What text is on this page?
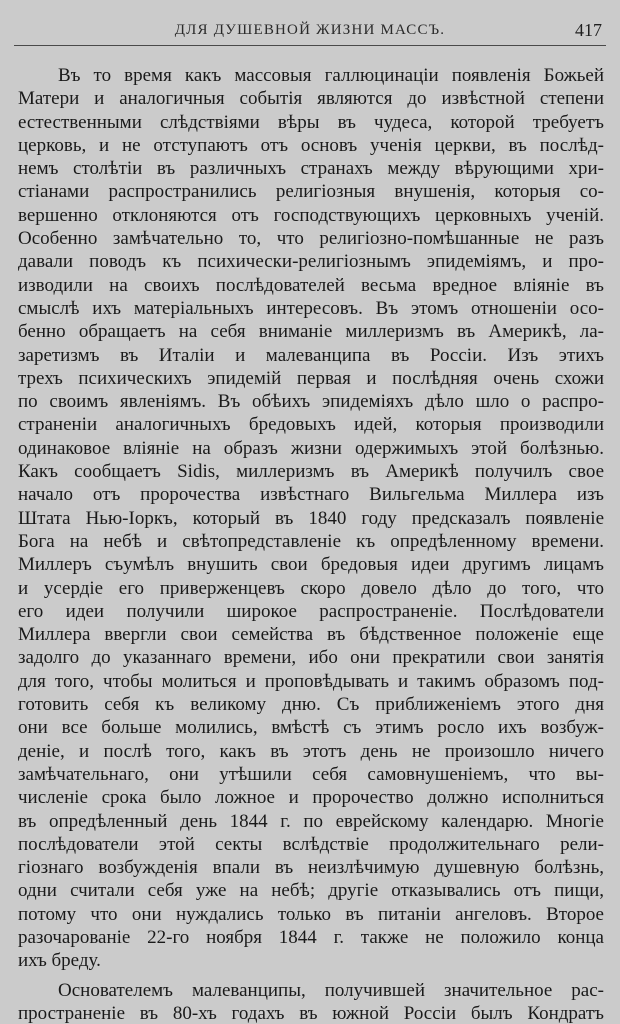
ДЛЯ ДУШЕВНОЙ ЖИЗНИ МАССЪ.	417
Въ то время какъ массовыя галлюцинаціи появленія Божьей
Матери и аналогичныя событія являются до извѣстной степени
естественными слѣдствіями вѣры въ чудеса, которой требуетъ
церковь, и не отступаютъ отъ основъ ученія церкви, въ послѣд-
немъ столѣтіи въ различныхъ странахъ между вѣрующими хри-
стіанами распространились религіозныя внушенія, которыя со-
вершенно отклоняются отъ господствующихъ церковныхъ ученій.
Особенно замѣчательно то, что религіозно-помѣшанные не разъ
давали поводъ къ психически-религіознымъ эпидеміямъ, и про-
изводили на своихъ послѣдователей весьма вредное вліяніе въ
смыслѣ ихъ матеріальныхъ интересовъ. Въ этомъ отношеніи осо-
бенно обращаетъ на себя вниманіе миллеризмъ въ Америкѣ, ла-
заретизмъ въ Италіи и малеванципа въ Россіи. Изъ этихъ
трехъ психическихъ эпидемій первая и послѣдняя очень схожи
по своимъ явленіямъ. Въ обѣихъ эпидеміяхъ дѣло шло о распро-
страненіи аналогичныхъ бредовыхъ идей, которыя производили
одинаковое вліяніе на образъ жизни одержимыхъ этой болѣзнью.
Какъ сообщаетъ Sidis, миллеризмъ въ Америкѣ получилъ свое
начало отъ пророчества извѣстнаго Вильгельма Миллера изъ
Штата Нью-Іоркъ, который въ 1840 году предсказалъ появленіе
Бога на небѣ и свѣтопредставленіе къ опредѣленному времени.
Миллеръ съумѣлъ внушить свои бредовыя идеи другимъ лицамъ
и усердіе его приверженцевъ скоро довело дѣло до того, что
его идеи получили широкое распространеніе. Послѣдователи
Миллера ввергли свои семейства въ бѣдственное положеніе еще
задолго до указаннаго времени, ибо они прекратили свои занятія
для того, чтобы молиться и проповѣдывать и такимъ образомъ под-
готовить себя къ великому дню. Съ приближеніемъ этого дня
они все больше молились, вмѣстѣ съ этимъ росло ихъ возбуж-
деніе, и послѣ того, какъ въ этотъ день не произошло ничего
замѣчательнаго, они утѣшили себя самовнушеніемъ, что вы-
численіе срока было ложное и пророчество должно исполниться
въ опредѣленный день 1844 г. по еврейскому календарю. Многіе
послѣдователи этой секты вслѣдствіе продолжительнаго рели-
гіознаго возбужденія впали въ неизлѣчимую душевную болѣзнь,
одни считали себя уже на небѣ; другіе отказывались отъ пищи,
потому что они нуждались только въ питаніи ангеловъ. Второе
разочарованіе 22-го ноября 1844 г. также не положило конца
ихъ бреду.
Основателемъ малеванципы, получившей значительное рас-
пространеніе въ 80-хъ годахъ въ южной Россіи былъ Кондратъ
